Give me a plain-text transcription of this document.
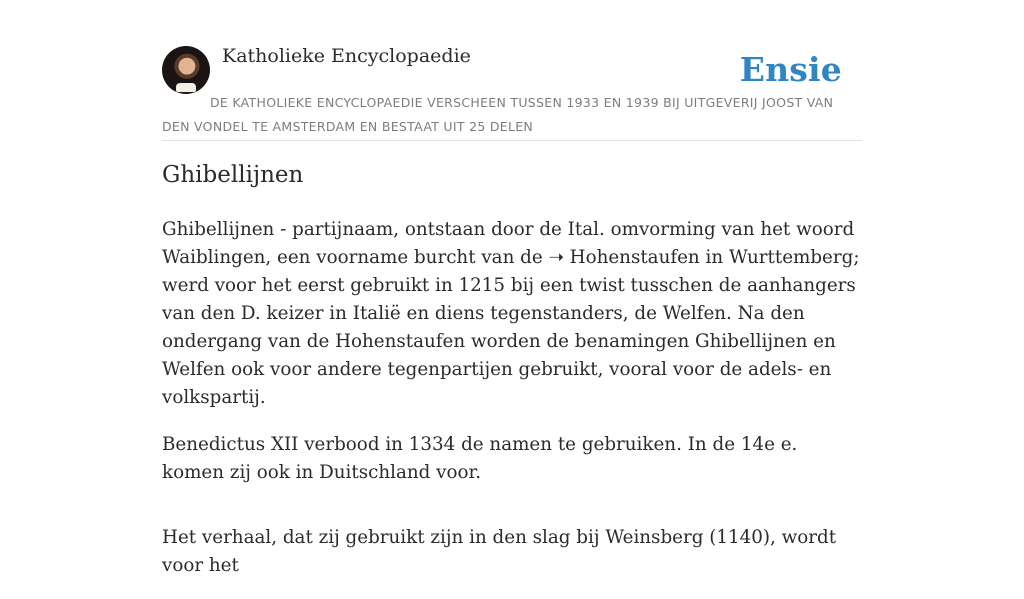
Katholieke Encyclopaedie	Ensie
DE KATHOLIEKE ENCYCLOPAEDIE VERSCHEEN TUSSEN 1933 EN 1939 BIJ UITGEVERIJ JOOST VAN DEN VONDEL TE AMSTERDAM EN BESTAAT UIT 25 DELEN
Ghibellijnen

Ghibellijnen - partijnaam, ontstaan door de Ital. omvorming van het woord Waiblingen, een voorname burcht van de ➝ Hohenstaufen in Wurttemberg; werd voor het eerst gebruikt in 1215 bij een twist tusschen de aanhangers van den D. keizer in Italië en diens tegenstanders, de Welfen. Na den ondergang van de Hohenstaufen worden de benamingen Ghibellijnen en Welfen ook voor andere tegenpartijen gebruikt, vooral voor de adels- en volkspartij.

Benedictus XII verbood in 1334 de namen te gebruiken. In de 14e e. komen zij ook in Duitschland voor.

Het verhaal, dat zij gebruikt zijn in den slag bij Weinsberg (1140), wordt voor het
